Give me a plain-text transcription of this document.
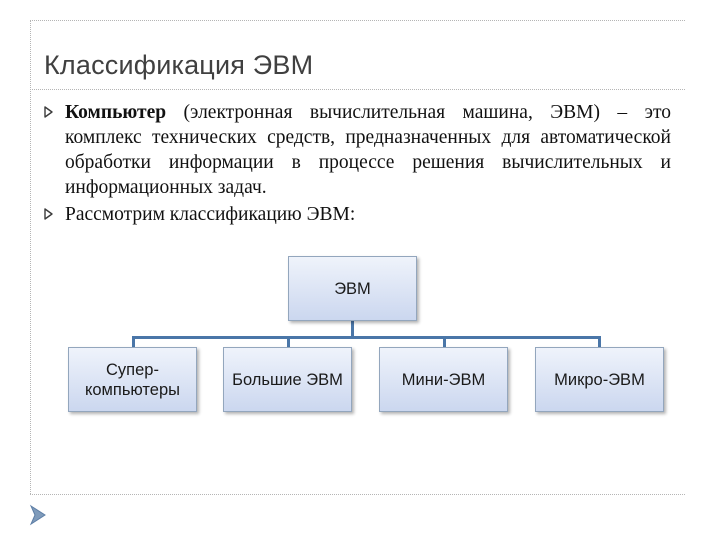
Классификация ЭВМ
Компьютер (электронная вычислительная машина, ЭВМ) – это комплекс технических средств, предназначенных для автоматической обработки информации в процессе решения вычислительных и информационных задач.
Рассмотрим классификацию ЭВМ:
ЭВМ
Супер-
компьютеры
Большие ЭВМ	Мини-ЭВМ	Микро-ЭВМ
